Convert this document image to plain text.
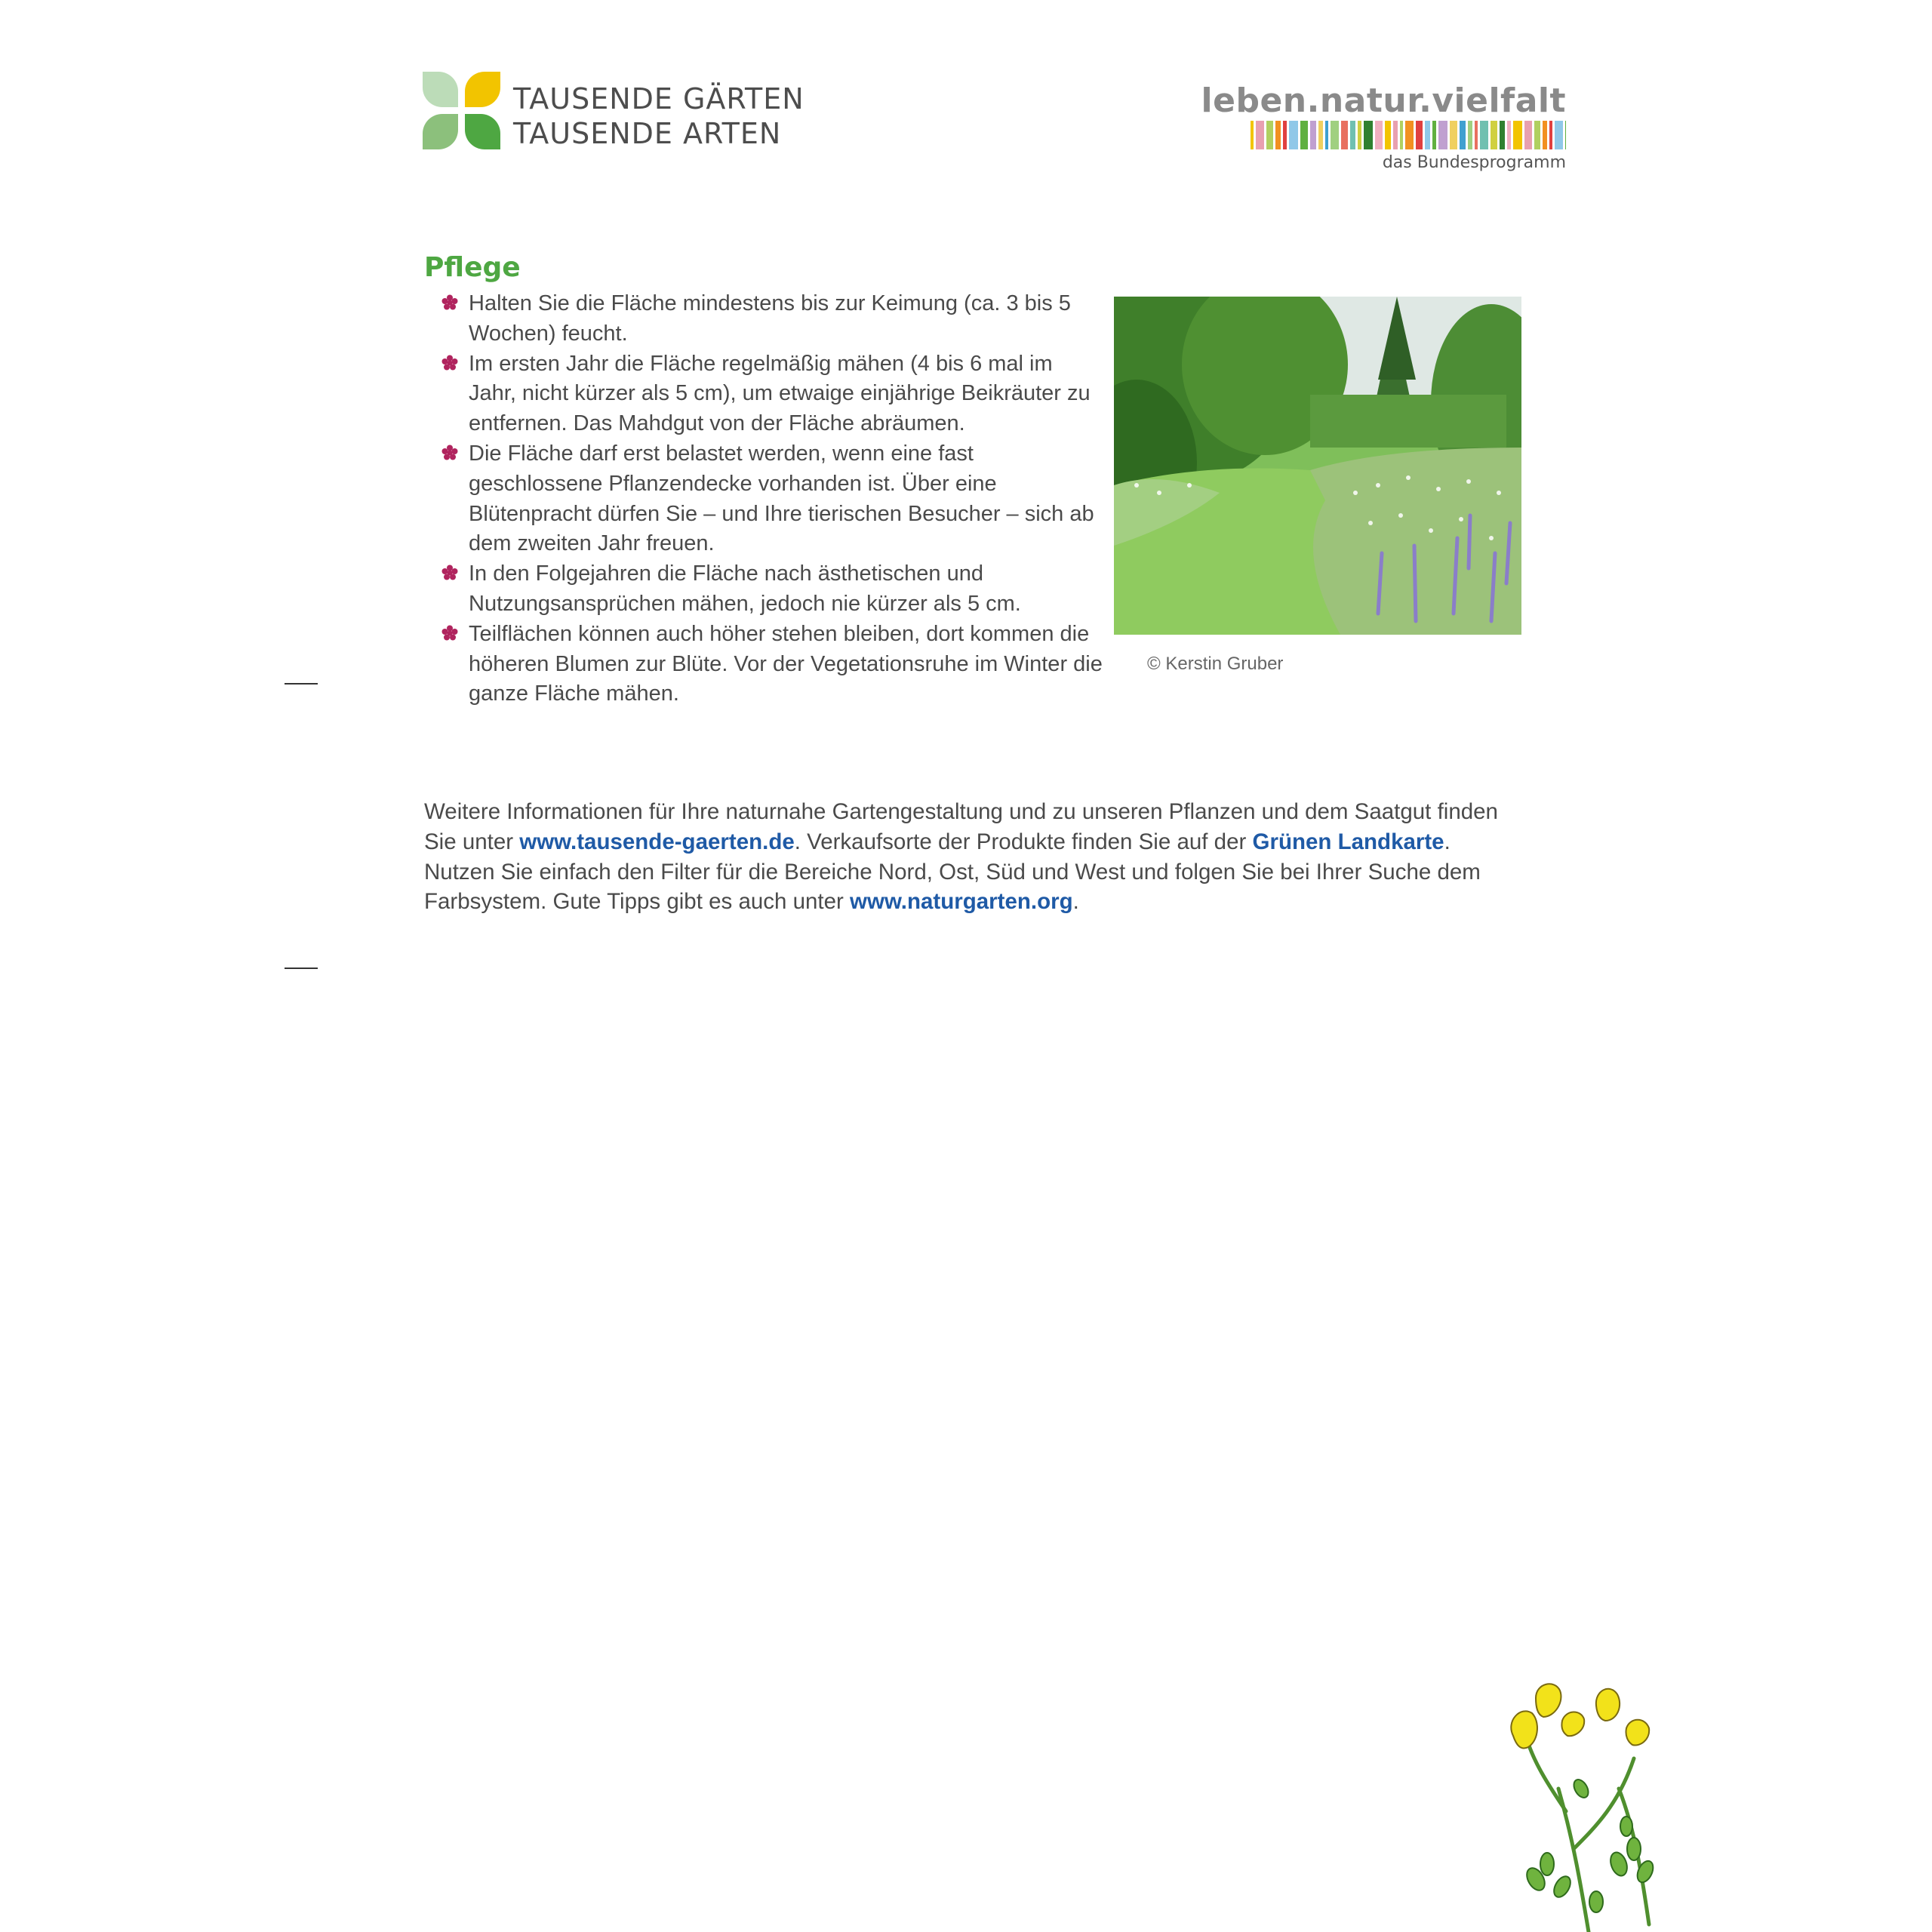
TAUSENDE GÄRTEN
TAUSENDE ARTEN
leben.natur.vielfalt
das Bundesprogramm
Pflege
Halten Sie die Fläche mindestens bis zur Keimung (ca. 3 bis 5 Wochen) feucht.
Im ersten Jahr die Fläche regelmäßig mähen (4 bis 6 mal im Jahr, nicht kürzer als 5 cm), um etwaige einjährige Beikräuter zu entfernen. Das Mahdgut von der Fläche abräumen.
Die Fläche darf erst belastet werden, wenn eine fast geschlossene Pflanzendecke vorhanden ist. Über eine Blütenpracht dürfen Sie – und Ihre tierischen Besucher – sich ab dem zweiten Jahr freuen.
In den Folgejahren die Fläche nach ästhetischen und Nutzungsansprüchen mähen, jedoch nie kürzer als 5 cm.
Teilflächen können auch höher stehen bleiben, dort kommen die höheren Blumen zur Blüte. Vor der Vegetationsruhe im Winter die ganze Fläche mähen.
© Kerstin Gruber

Weitere Informationen für Ihre naturnahe Gartengestaltung und zu unseren Pflanzen und dem Saatgut finden Sie unter www.tausende-gaerten.de. Verkaufsorte der Produkte finden Sie auf der Grünen Landkarte. Nutzen Sie einfach den Filter für die Bereiche Nord, Ost, Süd und West und folgen Sie bei Ihrer Suche dem Farbsystem. Gute Tipps gibt es auch unter www.naturgarten.org.
